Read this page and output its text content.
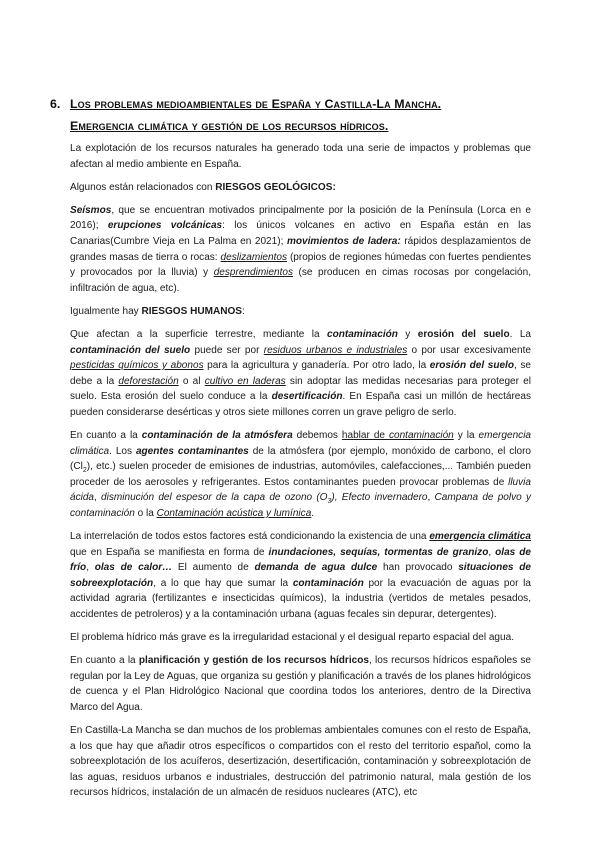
6. Los problemas medioambientales de España y Castilla-La Mancha.
Emergencia climática y gestión de los recursos hídricos.

La explotación de los recursos naturales ha generado toda una serie de impactos y problemas que afectan al medio ambiente en España.

Algunos están relacionados con RIESGOS GEOLÓGICOS:

Seísmos, que se encuentran motivados principalmente por la posición de la Península (Lorca en e 2016); erupciones volcánicas: los únicos volcanes en activo en España están en las Canarias(Cumbre Vieja en La Palma en 2021); movimientos de ladera: rápidos desplazamientos de grandes masas de tierra o rocas: deslizamientos (propios de regiones húmedas con fuertes pendientes y provocados por la lluvia) y desprendimientos (se producen en cimas rocosas por congelación, infiltración de agua, etc).

Igualmente hay RIESGOS HUMANOS:

Que afectan a la superficie terrestre, mediante la contaminación y erosión del suelo. La contaminación del suelo puede ser por residuos urbanos e industriales o por usar excesivamente pesticidas químicos y abonos para la agricultura y ganadería. Por otro lado, la erosión del suelo, se debe a la deforestación o al cultivo en laderas sin adoptar las medidas necesarias para proteger el suelo. Esta erosión del suelo conduce a la desertificación. En España casi un millón de hectáreas pueden considerarse desérticas y otros siete millones corren un grave peligro de serlo.

En cuanto a la contaminación de la atmósfera debemos hablar de contaminación y la emergencia climática. Los agentes contaminantes de la atmósfera (por ejemplo, monóxido de carbono, el cloro $(Cl_2)$, etc.) suelen proceder de emisiones de industrias, automóviles, calefacciones,... También pueden proceder de los aerosoles y refrigerantes. Estos contaminantes pueden provocar problemas de lluvia ácida, disminución del espesor de la capa de ozono $(O_3)$, Efecto invernadero, Campana de polvo y contaminación o la Contaminación acústica y lumínica.

La interrelación de todos estos factores está condicionando la existencia de una emergencia climática que en España se manifiesta en forma de inundaciones, sequías, tormentas de granizo, olas de frío, olas de calor… El aumento de demanda de agua dulce han provocado situaciones de sobreexplotación, a lo que hay que sumar la contaminación por la evacuación de aguas por la actividad agraria (fertilizantes e insecticidas químicos), la industria (vertidos de metales pesados, accidentes de petroleros) y a la contaminación urbana (aguas fecales sin depurar, detergentes).

El problema hídrico más grave es la irregularidad estacional y el desigual reparto espacial del agua.

En cuanto a la planificación y gestión de los recursos hídricos, los recursos hídricos españoles se regulan por la Ley de Aguas, que organiza su gestión y planificación a través de los planes hidrológicos de cuenca y el Plan Hidrológico Nacional que coordina todos los anteriores, dentro de la Directiva Marco del Agua.

En Castilla-La Mancha se dan muchos de los problemas ambientales comunes con el resto de España, a los que hay que añadir otros específicos o compartidos con el resto del territorio español, como la sobreexplotación de los acuíferos, desertización, desertificación, contaminación y sobreexplotación de las aguas, residuos urbanos e industriales, destrucción del patrimonio natural, mala gestión de los recursos hídricos, instalación de un almacén de residuos nucleares (ATC), etc
